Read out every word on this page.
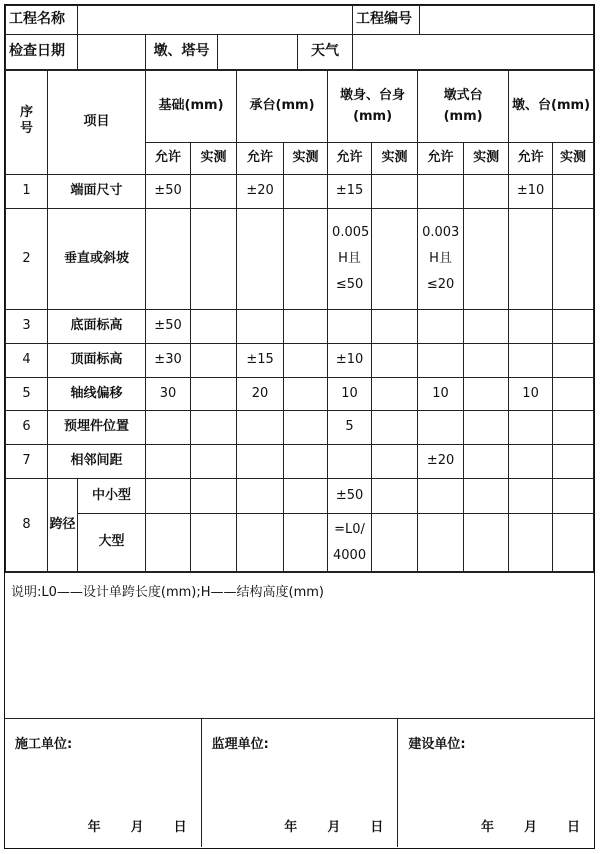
工程名称					工程编号	
检查日期		墩、塔号		天气		
序号	项目		基础(mm)		承台(mm)		墩身、台身(mm)		墩式台(mm)		墩、台(mm)	
			允许	实测	允许	实测	允许	实测	允许	实测	允许	实测
1	端面尺寸		±50		±20		±15				±10	
2	垂直或斜坡						0.005 H且 ≤50		0.003 H且 ≤20			
3	底面标高		±50									
4	顶面标高		±30		±15		±10					
5	轴线偏移		30		20		10		10		10	
6	预埋件位置						5					
7	相邻间距								±20			
8	跨径	中小型					±50					
		大型					=L0/ 4000					
说明:L0——设计单跨长度(mm);H——结构高度(mm)
施工单位:
年 月 日
监理单位:
年 月 日
建设单位:
年 月 日
